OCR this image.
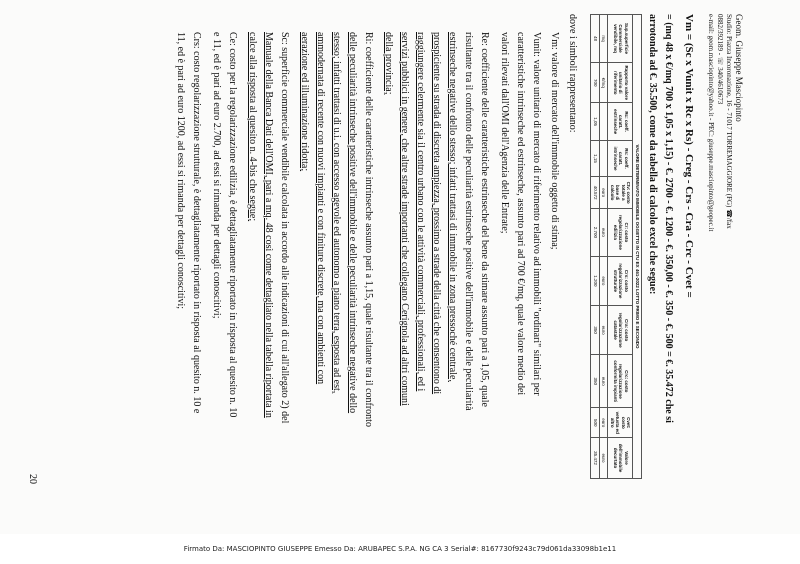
Geom. Giuseppe Masciopinto
Studio: Piazza Incoronazione, 16 - 71017 TORREMAGGIORE (FG) ☎/fax 0882/392189 - ☏ 340/4610673
e-mail: geom.masciopinto@yahoo.it - PEC: giuseppe.masciopinto@geopec.it
Vm = (Sc x Vunit x Rc x Rs) - Creg - Crs - Cra - Crc - Cvet =
= (mq 48 x €/mq 700 x 1,05 x 1,15) - €. 2700 - €. 1200 - €. 350,00 - €. 350 - €. 500 = €. 35.472 che si
arrotonda ad €. 35.500, come da tabella di calcolo excel che segue:
VALORE DETERMINATO IMMOBILE OGGETTO IN CTU EX 461-2022 LOTTO PRIMO E SECONDO										
Sup.superficie Commerciale vendibile, mq	Rapporto valore unitario di riferimento	Rc: coeff. caratt. estrinseche	Rs: coeff. caratt. intrinseche	Ctv: costo totale a base di calcolo	Cr: costo regolarizzazione edilizia	Crs: costo regolarizzazione strutturale	Cra: costo regolarizzazione catastale	Crc: costo regolarizzazione conformita impianti	Cvet: costo vetusta ed altro	Valore dell'immobile decurtato
mq	€/mq			euro	euro	euro	euro	euro	euro	euro
48	700	1,05	1,15	40.572	2.700	1.200	350	350	500	35.472
dove i simboli rappresentano:
Vm: valore di mercato dell'immobile oggetto di stima;
Vunit: valore unitario di mercato di riferimento relativo ad immobili "ordinari" similari per
caratteristiche intrinseche ed estrinseche, assunto pari ad 700 €/mq, quale valore medio dei
valori rilevati dall'OMI dell'Agenzia delle Entrate;
Re: coefficiente delle caratteristiche estrinseche del bene da stimare assunto pari a 1,05, quale
risultante tra il confronto delle peculiarità estrinseche positive dell'immobile e delle peculiarità
estrinseche negative dello stesso; infatti trattasi di immobile in zona pressoché centrale,
prospiciente su strada di discreta ampiezza, prossimo a strade della città che consentono di
raggiungere celermente sia il centro urbano con le attività commerciali, professionali, ed i
servizi pubblici in genere, che altre strade importanti che collegano Cerignola ad altri comuni
della provincia;
Ri: coefficiente delle caratteristiche intrinseche assunto pari a 1,15, quale risultante tra il confronto
delle peculiarità intrinseche positive dell'immobile e delle peculiarità intrinseche negative dello
stesso; infatti trattasi di u.i. con accesso agevole ed autonomo a piano terra, esposta ad est,
ammodernata di recente con nuovi impianti e con finiture discrete, ma con ambienti con
aerazione ed illuminazione ridotta;
Sc: superficie commerciale vendibile calcolata in accordo alle indicazioni di cui all'allegato 2) del
Manuale della Banca Dati dell'OMI, pari a mq. 48 così come dettagliato nella tabella riportata in
calce alla risposta al quesito n. 4-bis che segue;
Ce: costo per la regolarizzazione edilizia, è dettagliatamente riportato in risposta al quesito n. 10
e 11, ed è pari ad euro 2.700, ad essi si rimanda per dettagli conoscitivi;
Crs: costo regolarizzazione strutturale, è dettagliatamente riportato in risposta al quesito n. 10 e
11, ed è pari ad euro 1200, ad essi si rimanda per dettagli conoscitivi;
20
Firmato Da: MASCIOPINTO GIUSEPPE Emesso Da: ARUBAPEC S.P.A. NG CA 3 Serial#: 8167730f9243c79d061da33098b1e11
